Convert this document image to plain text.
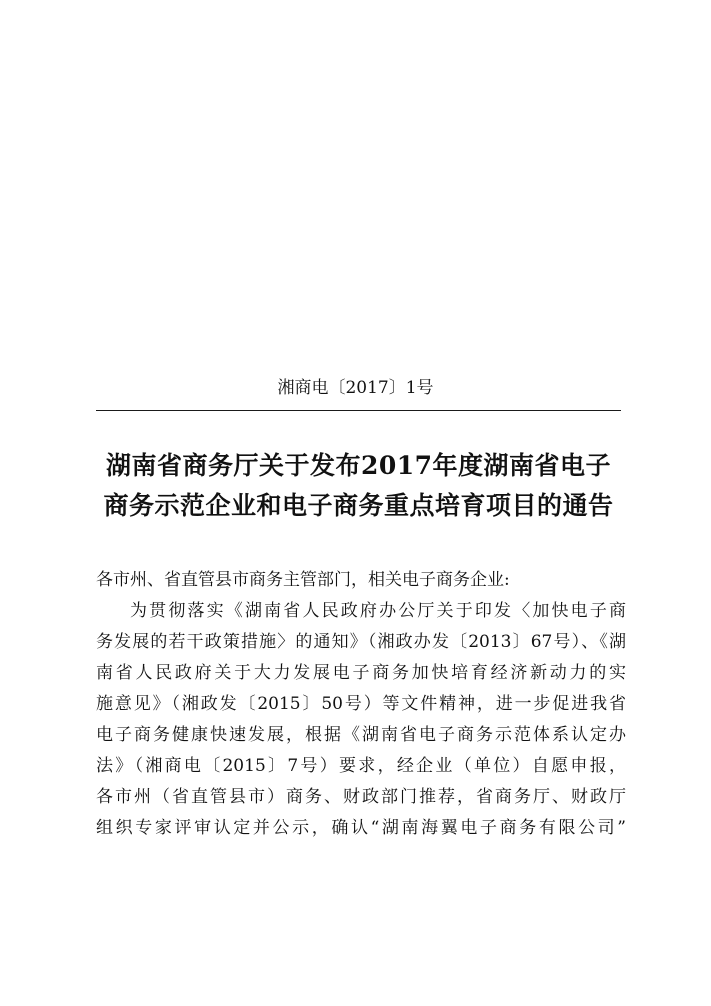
湘商电〔2017〕1号
湖南省商务厅关于发布2017年度湖南省电子
商务示范企业和电子商务重点培育项目的通告
各市州、省直管县市商务主管部门，相关电子商务企业:
为贯彻落实《湖南省人民政府办公厅关于印发〈加快电子商
务发展的若干政策措施〉的通知》（湘政办发〔2013〕67号）、《湖
南省人民政府关于大力发展电子商务加快培育经济新动力的实
施意见》（湘政发〔2015〕50号）等文件精神，进一步促进我省
电子商务健康快速发展，根据《湖南省电子商务示范体系认定办
法》（湘商电〔2015〕7号）要求，经企业（单位）自愿申报，
各市州（省直管县市）商务、财政部门推荐，省商务厅、财政厅
组织专家评审认定并公示，确认“湖南海翼电子商务有限公司”
